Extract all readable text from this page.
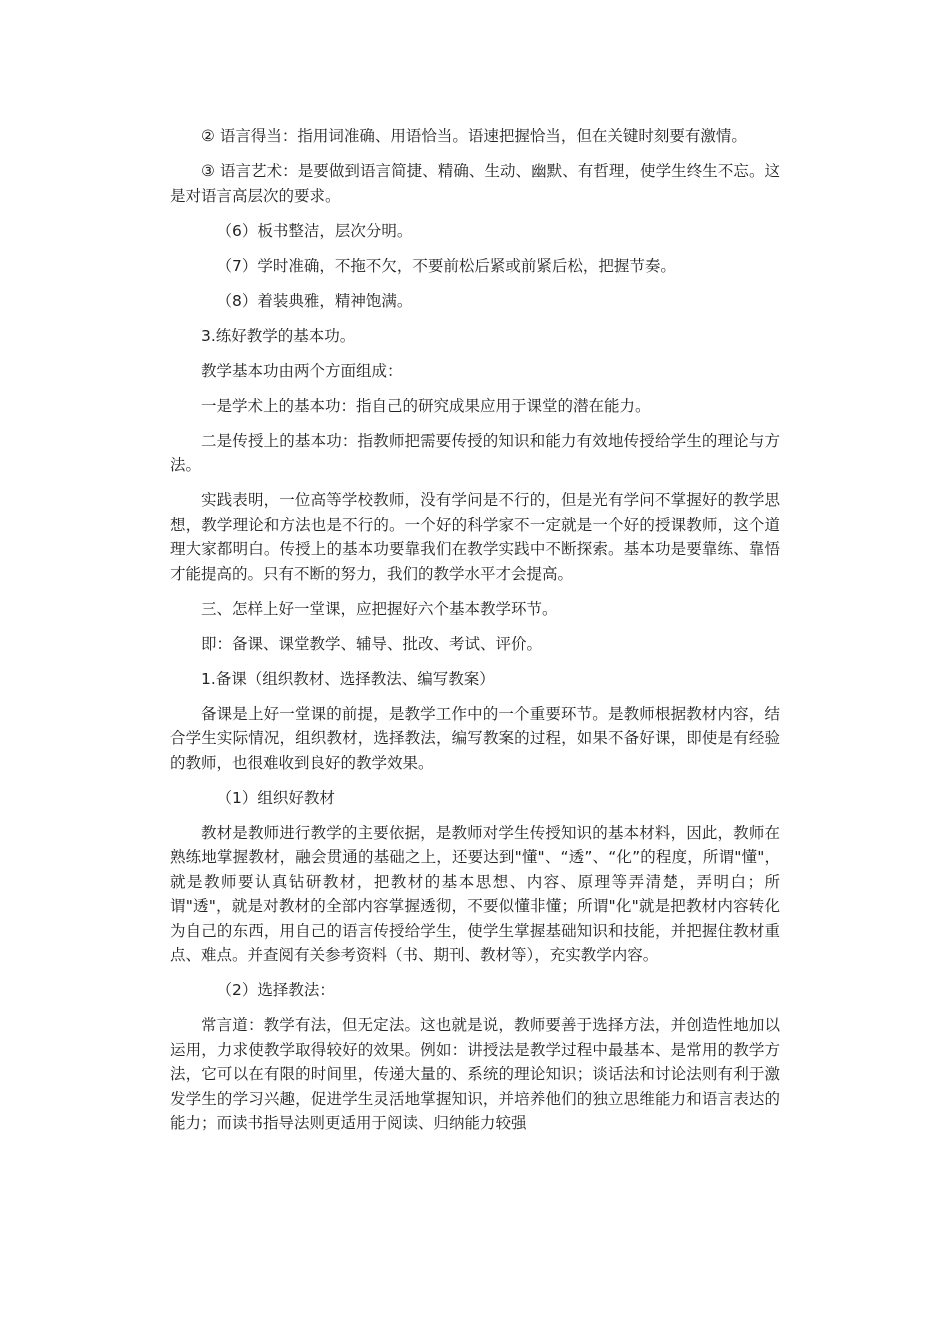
② 语言得当：指用词准确、用语恰当。语速把握恰当，但在关键时刻要有激情。

③ 语言艺术：是要做到语言简捷、精确、生动、幽默、有哲理，使学生终生不忘。这是对语言高层次的要求。

（6）板书整洁，层次分明。

（7）学时准确，不拖不欠，不要前松后紧或前紧后松，把握节奏。

（8）着装典雅，精神饱满。

3.练好教学的基本功。

教学基本功由两个方面组成：

一是学术上的基本功：指自己的研究成果应用于课堂的潜在能力。

二是传授上的基本功：指教师把需要传授的知识和能力有效地传授给学生的理论与方法。

实践表明，一位高等学校教师，没有学问是不行的，但是光有学问不掌握好的教学思想，教学理论和方法也是不行的。一个好的科学家不一定就是一个好的授课教师，这个道理大家都明白。传授上的基本功要靠我们在教学实践中不断探索。基本功是要靠练、靠悟才能提高的。只有不断的努力，我们的教学水平才会提高。

三、怎样上好一堂课，应把握好六个基本教学环节。

即：备课、课堂教学、辅导、批改、考试、评价。

1.备课（组织教材、选择教法、编写教案）

备课是上好一堂课的前提，是教学工作中的一个重要环节。是教师根据教材内容，结合学生实际情况，组织教材，选择教法，编写教案的过程，如果不备好课，即使是有经验的教师，也很难收到良好的教学效果。

（1）组织好教材

教材是教师进行教学的主要依据，是教师对学生传授知识的基本材料，因此，教师在熟练地掌握教材，融会贯通的基础之上，还要达到"懂"、“透”、“化”的程度，所谓"懂"，就是教师要认真钻研教材，把教材的基本思想、内容、原理等弄清楚，弄明白；所谓"透"，就是对教材的全部内容掌握透彻，不要似懂非懂；所谓"化"就是把教材内容转化为自己的东西，用自己的语言传授给学生，使学生掌握基础知识和技能，并把握住教材重点、难点。并查阅有关参考资料（书、期刊、教材等），充实教学内容。

（2）选择教法：

常言道：教学有法，但无定法。这也就是说，教师要善于选择方法，并创造性地加以运用，力求使教学取得较好的效果。例如：讲授法是教学过程中最基本、是常用的教学方法，它可以在有限的时间里，传递大量的、系统的理论知识；谈话法和讨论法则有利于激发学生的学习兴趣，促进学生灵活地掌握知识，并培养他们的独立思维能力和语言表达的能力；而读书指导法则更适用于阅读、归纳能力较强
